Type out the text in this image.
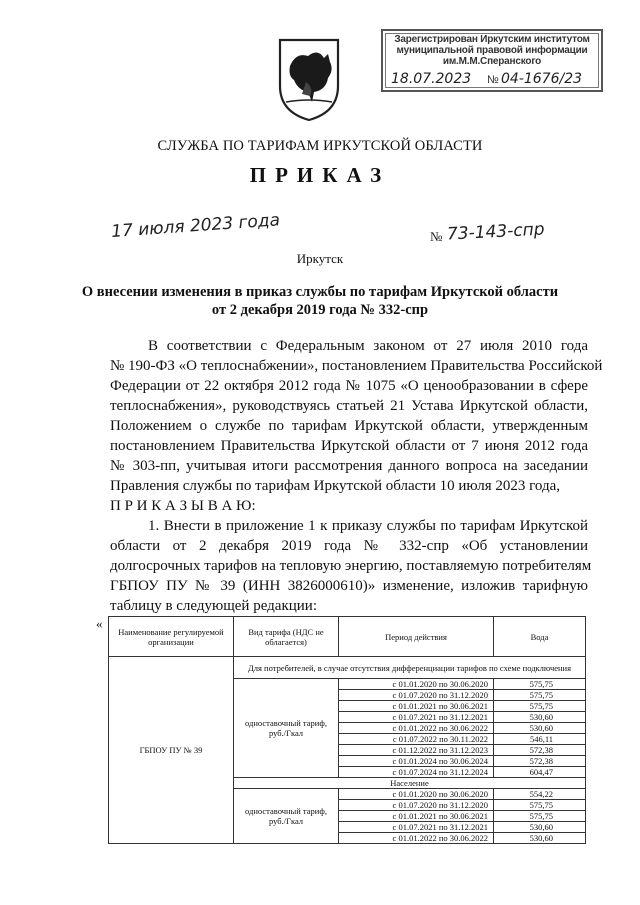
Зарегистрирован Иркутским институтом
муниципальной правовой информации
им.М.М.Сперанского
18.07.2023 № 04-1676/23
СЛУЖБА ПО ТАРИФАМ ИРКУТСКОЙ ОБЛАСТИ
ПРИКАЗ
17 июля 2023 года	№ 73-143-спр
Иркутск
О внесении изменения в приказ службы по тарифам Иркутской области
от 2 декабря 2019 года № 332-спр
В соответствии с Федеральным законом от 27 июля 2010 года
№ 190-ФЗ «О теплоснабжении», постановлением Правительства Российской
Федерации от 22 октября 2012 года № 1075 «О ценообразовании в сфере
теплоснабжения», руководствуясь статьей 21 Устава Иркутской области,
Положением о службе по тарифам Иркутской области, утвержденным
постановлением Правительства Иркутской области от 7 июня 2012 года
№ 303-пп, учитывая итоги рассмотрения данного вопроса на заседании
Правления службы по тарифам Иркутской области 10 июля 2023 года,
П Р И К А З Ы В А Ю:
1. Внести в приложение 1 к приказу службы по тарифам Иркутской
области от 2 декабря 2019 года № 332-спр «Об установлении
долгосрочных тарифов на тепловую энергию, поставляемую потребителям
ГБПОУ ПУ № 39 (ИНН 3826000610)» изменение, изложив тарифную
таблицу в следующей редакции:
«
Наименование регулируемой организации	Вид тарифа (НДС не облагается)	Период действия	Вода
ГБПОУ ПУ № 39	Для потребителей, в случае отсутствия дифференциации тарифов по схеме подключения		
	одноставочный тариф, руб./Гкал	с 01.01.2020 по 30.06.2020	575,75
		с 01.07.2020 по 31.12.2020	575,75
		с 01.01.2021 по 30.06.2021	575,75
		с 01.07.2021 по 31.12.2021	530,60
		с 01.01.2022 по 30.06.2022	530,60
		с 01.07.2022 по 30.11.2022	546,11
		с 01.12.2022 по 31.12.2023	572,38
		с 01.01.2024 по 30.06.2024	572,38
		с 01.07.2024 по 31.12.2024	604,47
	Население		
	одноставочный тариф, руб./Гкал	с 01.01.2020 по 30.06.2020	554,22
		с 01.07.2020 по 31.12.2020	575,75
		с 01.01.2021 по 30.06.2021	575,75
		с 01.07.2021 по 31.12.2021	530,60
		с 01.01.2022 по 30.06.2022	530,60
